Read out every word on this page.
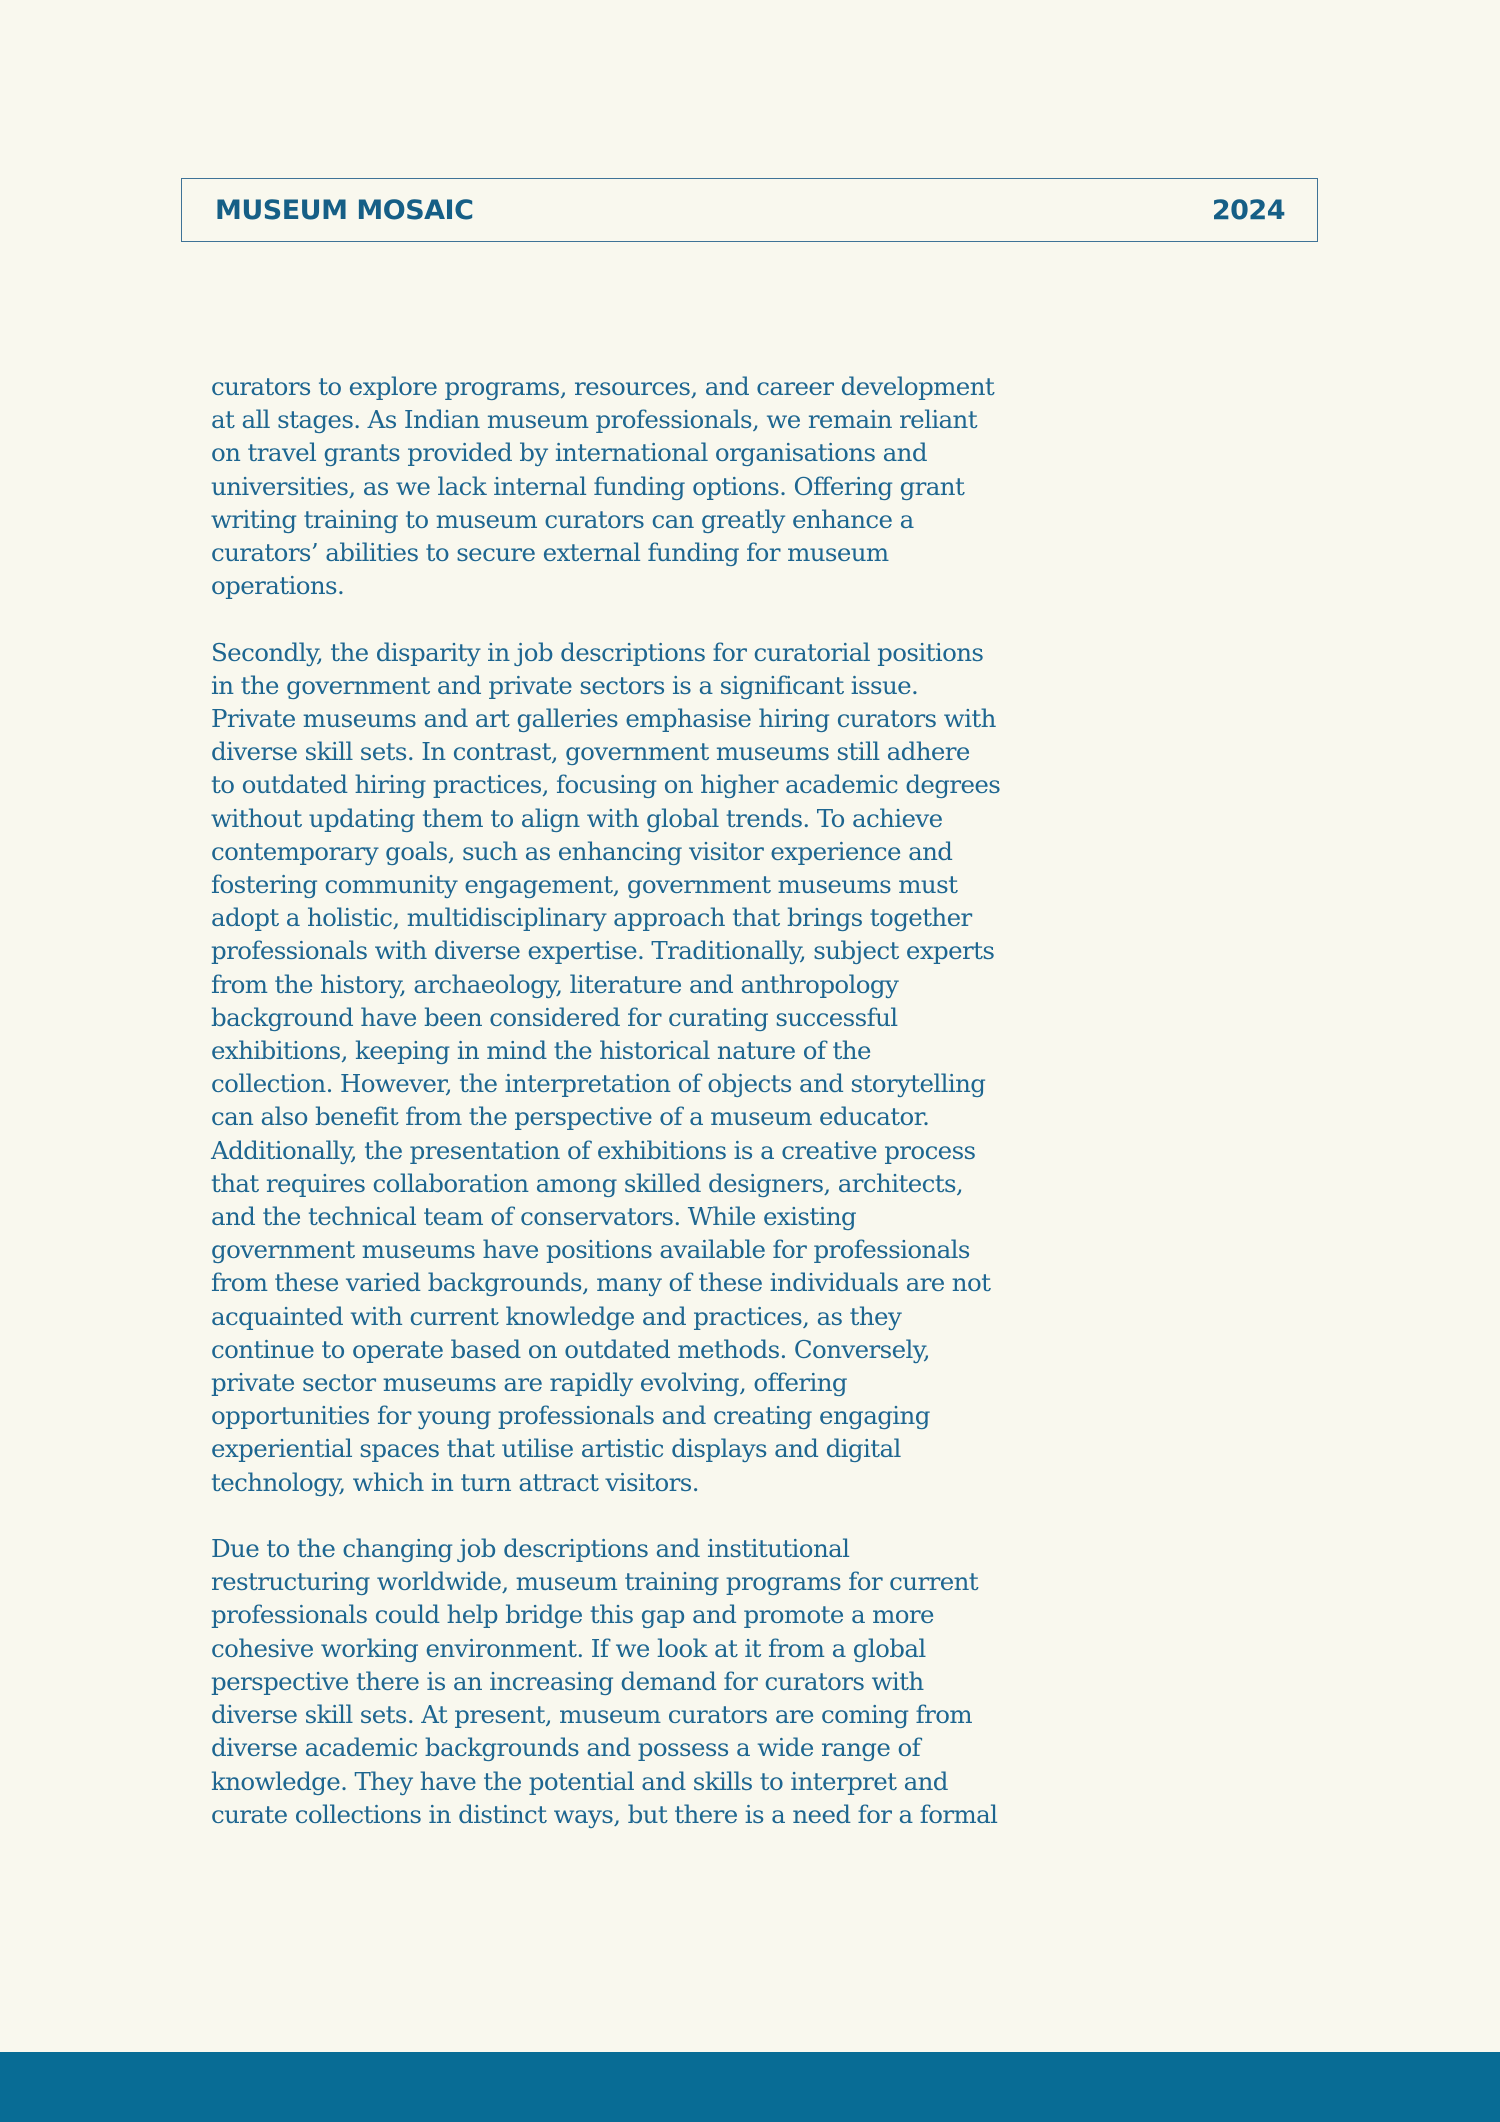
MUSEUM MOSAIC	2024

curators to explore programs, resources, and career development
at all stages. As Indian museum professionals, we remain reliant
on travel grants provided by international organisations and
universities, as we lack internal funding options. Offering grant
writing training to museum curators can greatly enhance a
curators’ abilities to secure external funding for museum
operations.

Secondly, the disparity in job descriptions for curatorial positions
in the government and private sectors is a significant issue.
Private museums and art galleries emphasise hiring curators with
diverse skill sets. In contrast, government museums still adhere
to outdated hiring practices, focusing on higher academic degrees
without updating them to align with global trends. To achieve
contemporary goals, such as enhancing visitor experience and
fostering community engagement, government museums must
adopt a holistic, multidisciplinary approach that brings together
professionals with diverse expertise. Traditionally, subject experts
from the history, archaeology, literature and anthropology
background have been considered for curating successful
exhibitions, keeping in mind the historical nature of the
collection. However, the interpretation of objects and storytelling
can also benefit from the perspective of a museum educator.
Additionally, the presentation of exhibitions is a creative process
that requires collaboration among skilled designers, architects,
and the technical team of conservators. While existing
government museums have positions available for professionals
from these varied backgrounds, many of these individuals are not
acquainted with current knowledge and practices, as they
continue to operate based on outdated methods. Conversely,
private sector museums are rapidly evolving, offering
opportunities for young professionals and creating engaging
experiential spaces that utilise artistic displays and digital
technology, which in turn attract visitors.

Due to the changing job descriptions and institutional
restructuring worldwide, museum training programs for current
professionals could help bridge this gap and promote a more
cohesive working environment. If we look at it from a global
perspective there is an increasing demand for curators with
diverse skill sets. At present, museum curators are coming from
diverse academic backgrounds and possess a wide range of
knowledge. They have the potential and skills to interpret and
curate collections in distinct ways, but there is a need for a formal
